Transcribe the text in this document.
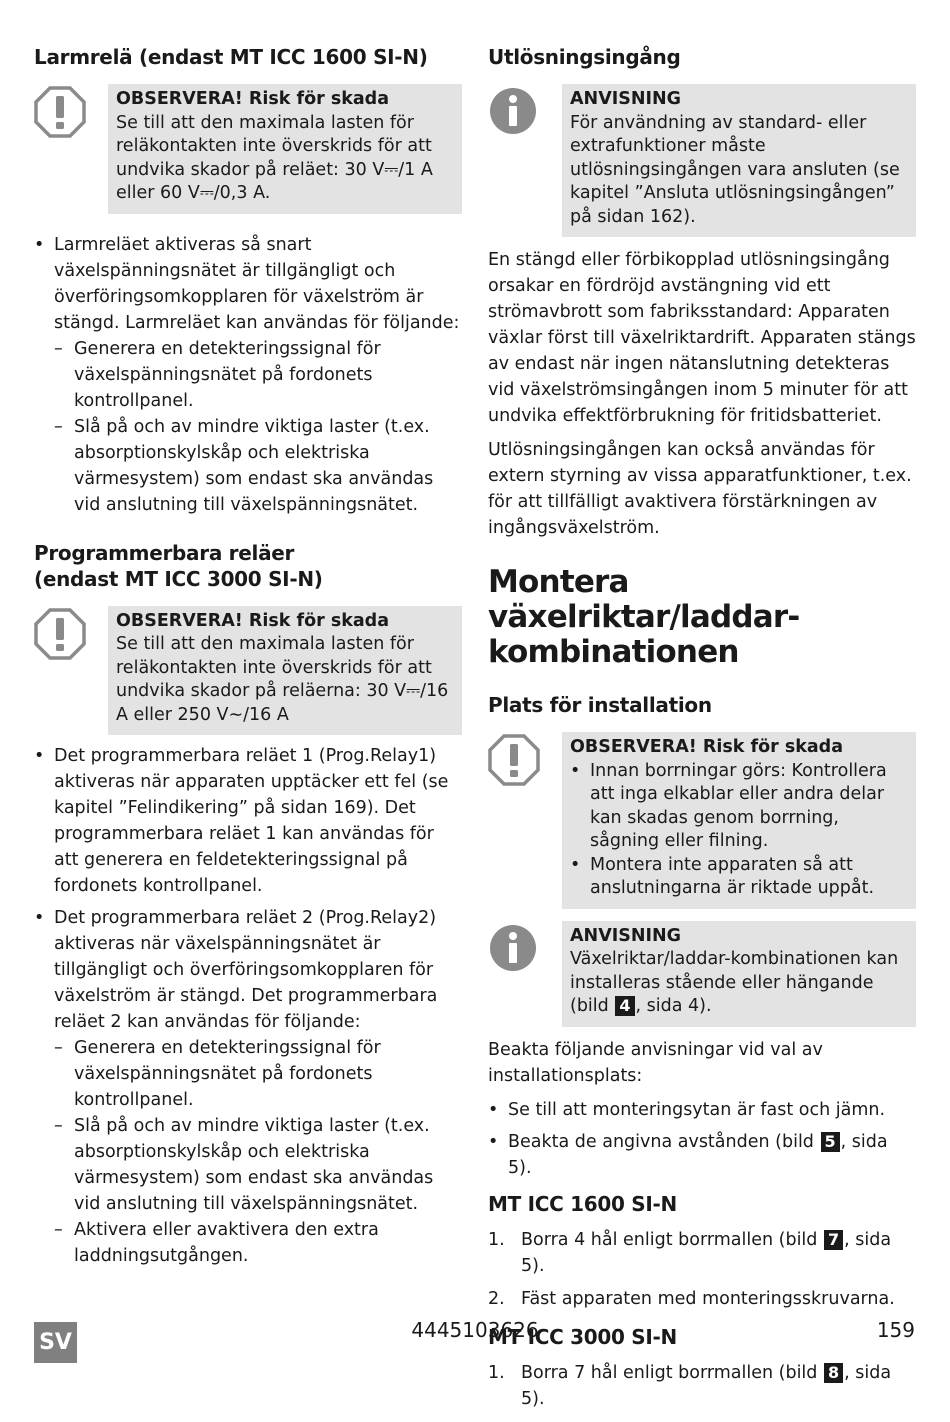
Larmrelä (endast MT ICC 1600 SI-N)
OBSERVERA! Risk för skada
Se till att den maximala lasten för reläkontakten inte överskrids för att undvika skador på reläet: 30 V⎓/1 A eller 60 V⎓/0,3 A.
• Larmreläet aktiveras så snart växelspänningsnätet är tillgängligt och överföringsomkopplaren för växelström är stängd. Larmreläet kan användas för följande:
– Generera en detekteringssignal för växelspänningsnätet på fordonets kontrollpanel.
– Slå på och av mindre viktiga laster (t.ex. absorptionskylskåp och elektriska värmesystem) som endast ska användas vid anslutning till växelspänningsnätet.
Programmerbara reläer
(endast MT ICC 3000 SI-N)
OBSERVERA! Risk för skada
Se till att den maximala lasten för reläkontakten inte överskrids för att undvika skador på reläerna: 30 V⎓/16 A eller 250 V∼/16 A
• Det programmerbara reläet 1 (Prog.Relay1) aktiveras när apparaten upptäcker ett fel (se kapitel ”Felindikering” på sidan 169). Det programmerbara reläet 1 kan användas för att generera en feldetekteringssignal på fordonets kontrollpanel.
• Det programmerbara reläet 2 (Prog.Relay2) aktiveras när växelspänningsnätet är tillgängligt och överföringsomkopplaren för växelström är stängd. Det programmerbara reläet 2 kan användas för följande:
– Generera en detekteringssignal för växelspänningsnätet på fordonets kontrollpanel.
– Slå på och av mindre viktiga laster (t.ex. absorptionskylskåp och elektriska värmesystem) som endast ska användas vid anslutning till växelspänningsnätet.
– Aktivera eller avaktivera den extra laddningsutgången.
Utlösningsingång
ANVISNING
För användning av standard- eller extrafunktioner måste utlösningsingången vara ansluten (se kapitel ”Ansluta utlösningsingången” på sidan 162).

En stängd eller förbikopplad utlösningsingång orsakar en fördröjd avstängning vid ett strömavbrott som fabriksstandard: Apparaten växlar först till växelriktardrift. Apparaten stängs av endast när ingen nätanslutning detekteras vid växelströmsingången inom 5 minuter för att undvika effektförbrukning för fritidsbatteriet.

Utlösningsingången kan också användas för extern styrning av vissa apparatfunktioner, t.ex. för att tillfälligt avaktivera förstärkningen av ingångsväxelström.

Montera växelriktar/laddar-
kombinationen
Plats för installation
OBSERVERA! Risk för skada
• Innan borrningar görs: Kontrollera att inga elkablar eller andra delar kan skadas genom borrning, sågning eller filning.
• Montera inte apparaten så att anslutningarna är riktade uppåt.
ANVISNING
Växelriktar/laddar-kombinationen kan installeras stående eller hängande (bild 4 , sida 4).

Beakta följande anvisningar vid val av installationsplats:

• Se till att monteringsytan är fast och jämn.
• Beakta de angivna avstånden (bild 5 , sida 5).
MT ICC 1600 SI-N
1. Borra 4 hål enligt borrmallen (bild 7 , sida 5).
2. Fäst apparaten med monteringsskruvarna.
MT ICC 3000 SI-N
1. Borra 7 hål enligt borrmallen (bild 8 , sida 5).
SV	4445103626	159
